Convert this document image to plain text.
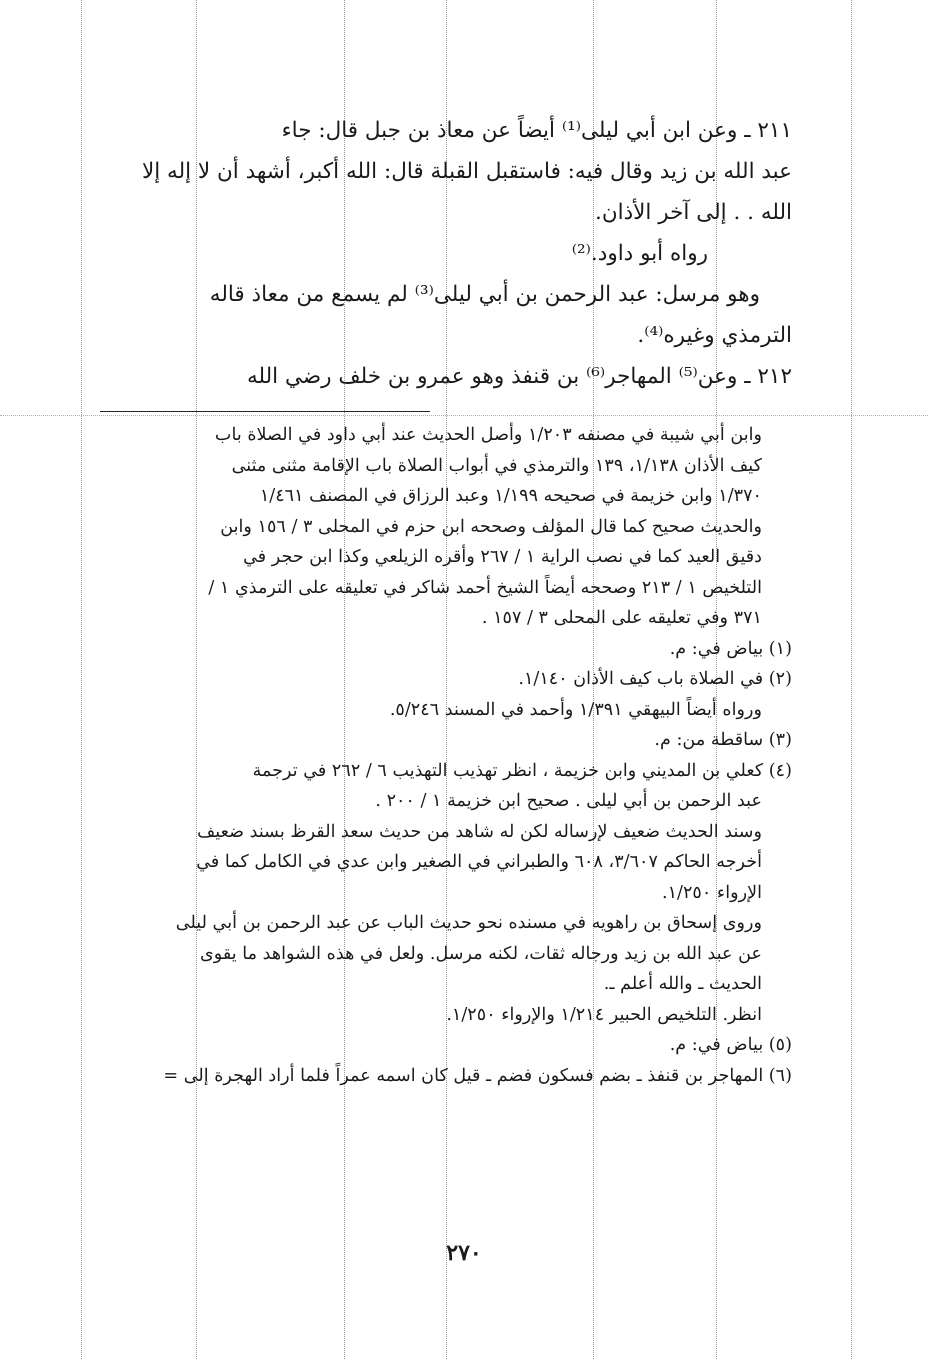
٢١١ ـ وعن ابن أبي ليلى⁽¹⁾ أيضاً عن معاذ بن جبل قال: جاء

عبد الله بن زيد وقال فيه: فاستقبل القبلة قال: الله أكبر، أشهد أن لا إله إلا

الله . . إلى آخر الأذان.

رواه أبو داود.⁽²⁾

وهو مرسل: عبد الرحمن بن أبي ليلى⁽³⁾ لم يسمع من معاذ قاله

الترمذي وغيره⁽⁴⁾.

٢١٢ ـ وعن⁽⁵⁾ المهاجر⁽⁶⁾ بن قنفذ وهو عمرو بن خلف رضي الله

وابن أبي شيبة في مصنفه ١/٢٠٣ وأصل الحديث عند أبي داود في الصلاة باب

كيف الأذان ١/١٣٨، ١٣٩ والترمذي في أبواب الصلاة باب الإقامة مثنى مثنى

١/٣٧٠ وابن خزيمة في صحيحه ١/١٩٩ وعبد الرزاق في المصنف ١/٤٦١

والحديث صحيح كما قال المؤلف وصححه ابن حزم في المحلى ٣ / ١٥٦ وابن

دقيق العيد كما في نصب الراية ١ / ٢٦٧ وأقره الزيلعي وكذا ابن حجر في

التلخيص ١ / ٢١٣ وصححه أيضاً الشيخ أحمد شاكر في تعليقه على الترمذي ١ /

٣٧١ وفي تعليقه على المحلى ٣ / ١٥٧ .

(١) بياض في: م.

(٢) في الصلاة باب كيف الأذان ١/١٤٠.

ورواه أيضاً البيهقي ١/٣٩١ وأحمد في المسند ٥/٢٤٦.

(٣) ساقطة من: م.

(٤) كعلي بن المديني وابن خزيمة ، انظر تهذيب التهذيب ٦ / ٢٦٢ في ترجمة

عبد الرحمن بن أبي ليلى . صحيح ابن خزيمة ١ / ٢٠٠ .

وسند الحديث ضعيف لإرساله لكن له شاهد من حديث سعد القرظ بسند ضعيف

أخرجه الحاكم ٣/٦٠٧، ٦٠٨ والطبراني في الصغير وابن عدي في الكامل كما في

الإرواء ١/٢٥٠.

وروى إسحاق بن راهويه في مسنده نحو حديث الباب عن عبد الرحمن بن أبي ليلى

عن عبد الله بن زيد ورجاله ثقات، لكنه مرسل. ولعل في هذه الشواهد ما يقوى

الحديث ـ والله أعلم ـ.

انظر. التلخيص الحبير ١/٢١٤ والإرواء ١/٢٥٠.

(٥) بياض في: م.

(٦) المهاجر بن قنفذ ـ بضم فسكون فضم ـ قيل كان اسمه عمراً فلما أراد الهجرة إلى =

٢٧٠
